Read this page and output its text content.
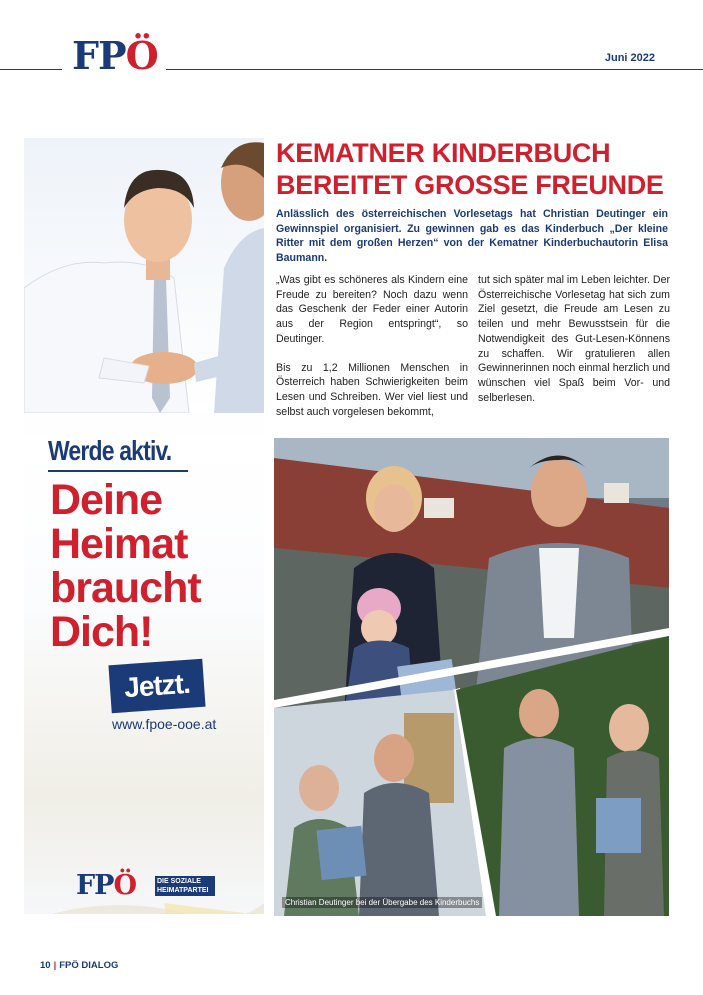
FPÖ	Juni 2022
Werde aktiv.
Deine
Heimat
braucht
Dich!
Jetzt.
www.fpoe-ooe.at
FPÖ	DIE SOZIALE
HEIMATPARTEI
KEMATNER KINDERBUCH
BEREITET GROSSE FREUNDE
Anlässlich des österreichischen Vorlesetags hat Christian Deutinger ein Gewinnspiel organisiert. Zu gewinnen gab es das Kinderbuch „Der kleine Ritter mit dem großen Herzen“ von der Kematner Kinderbuchautorin Elisa Baumann.

„Was gibt es schöneres als Kindern eine Freude zu bereiten? Noch dazu wenn das Geschenk der Feder einer Autorin aus der Region entspringt“, so Deutinger.

Bis zu 1,2 Millionen Menschen in Österreich haben Schwierigkeiten beim Lesen und Schreiben. Wer viel liest und selbst auch vorgelesen bekommt,

tut sich später mal im Leben leichter. Der Österreichische Vorlesetag hat sich zum Ziel gesetzt, die Freude am Lesen zu teilen und mehr Bewusstsein für die Notwendigkeit des Gut-Lesen-Könnens zu schaffen. Wir gratulieren allen Gewinnerinnen noch einmal herzlich und wünschen viel Spaß beim Vor- und selberlesen.

Christian Deutinger bei der Übergabe des Kinderbuchs
10 | FPÖ DIALOG
